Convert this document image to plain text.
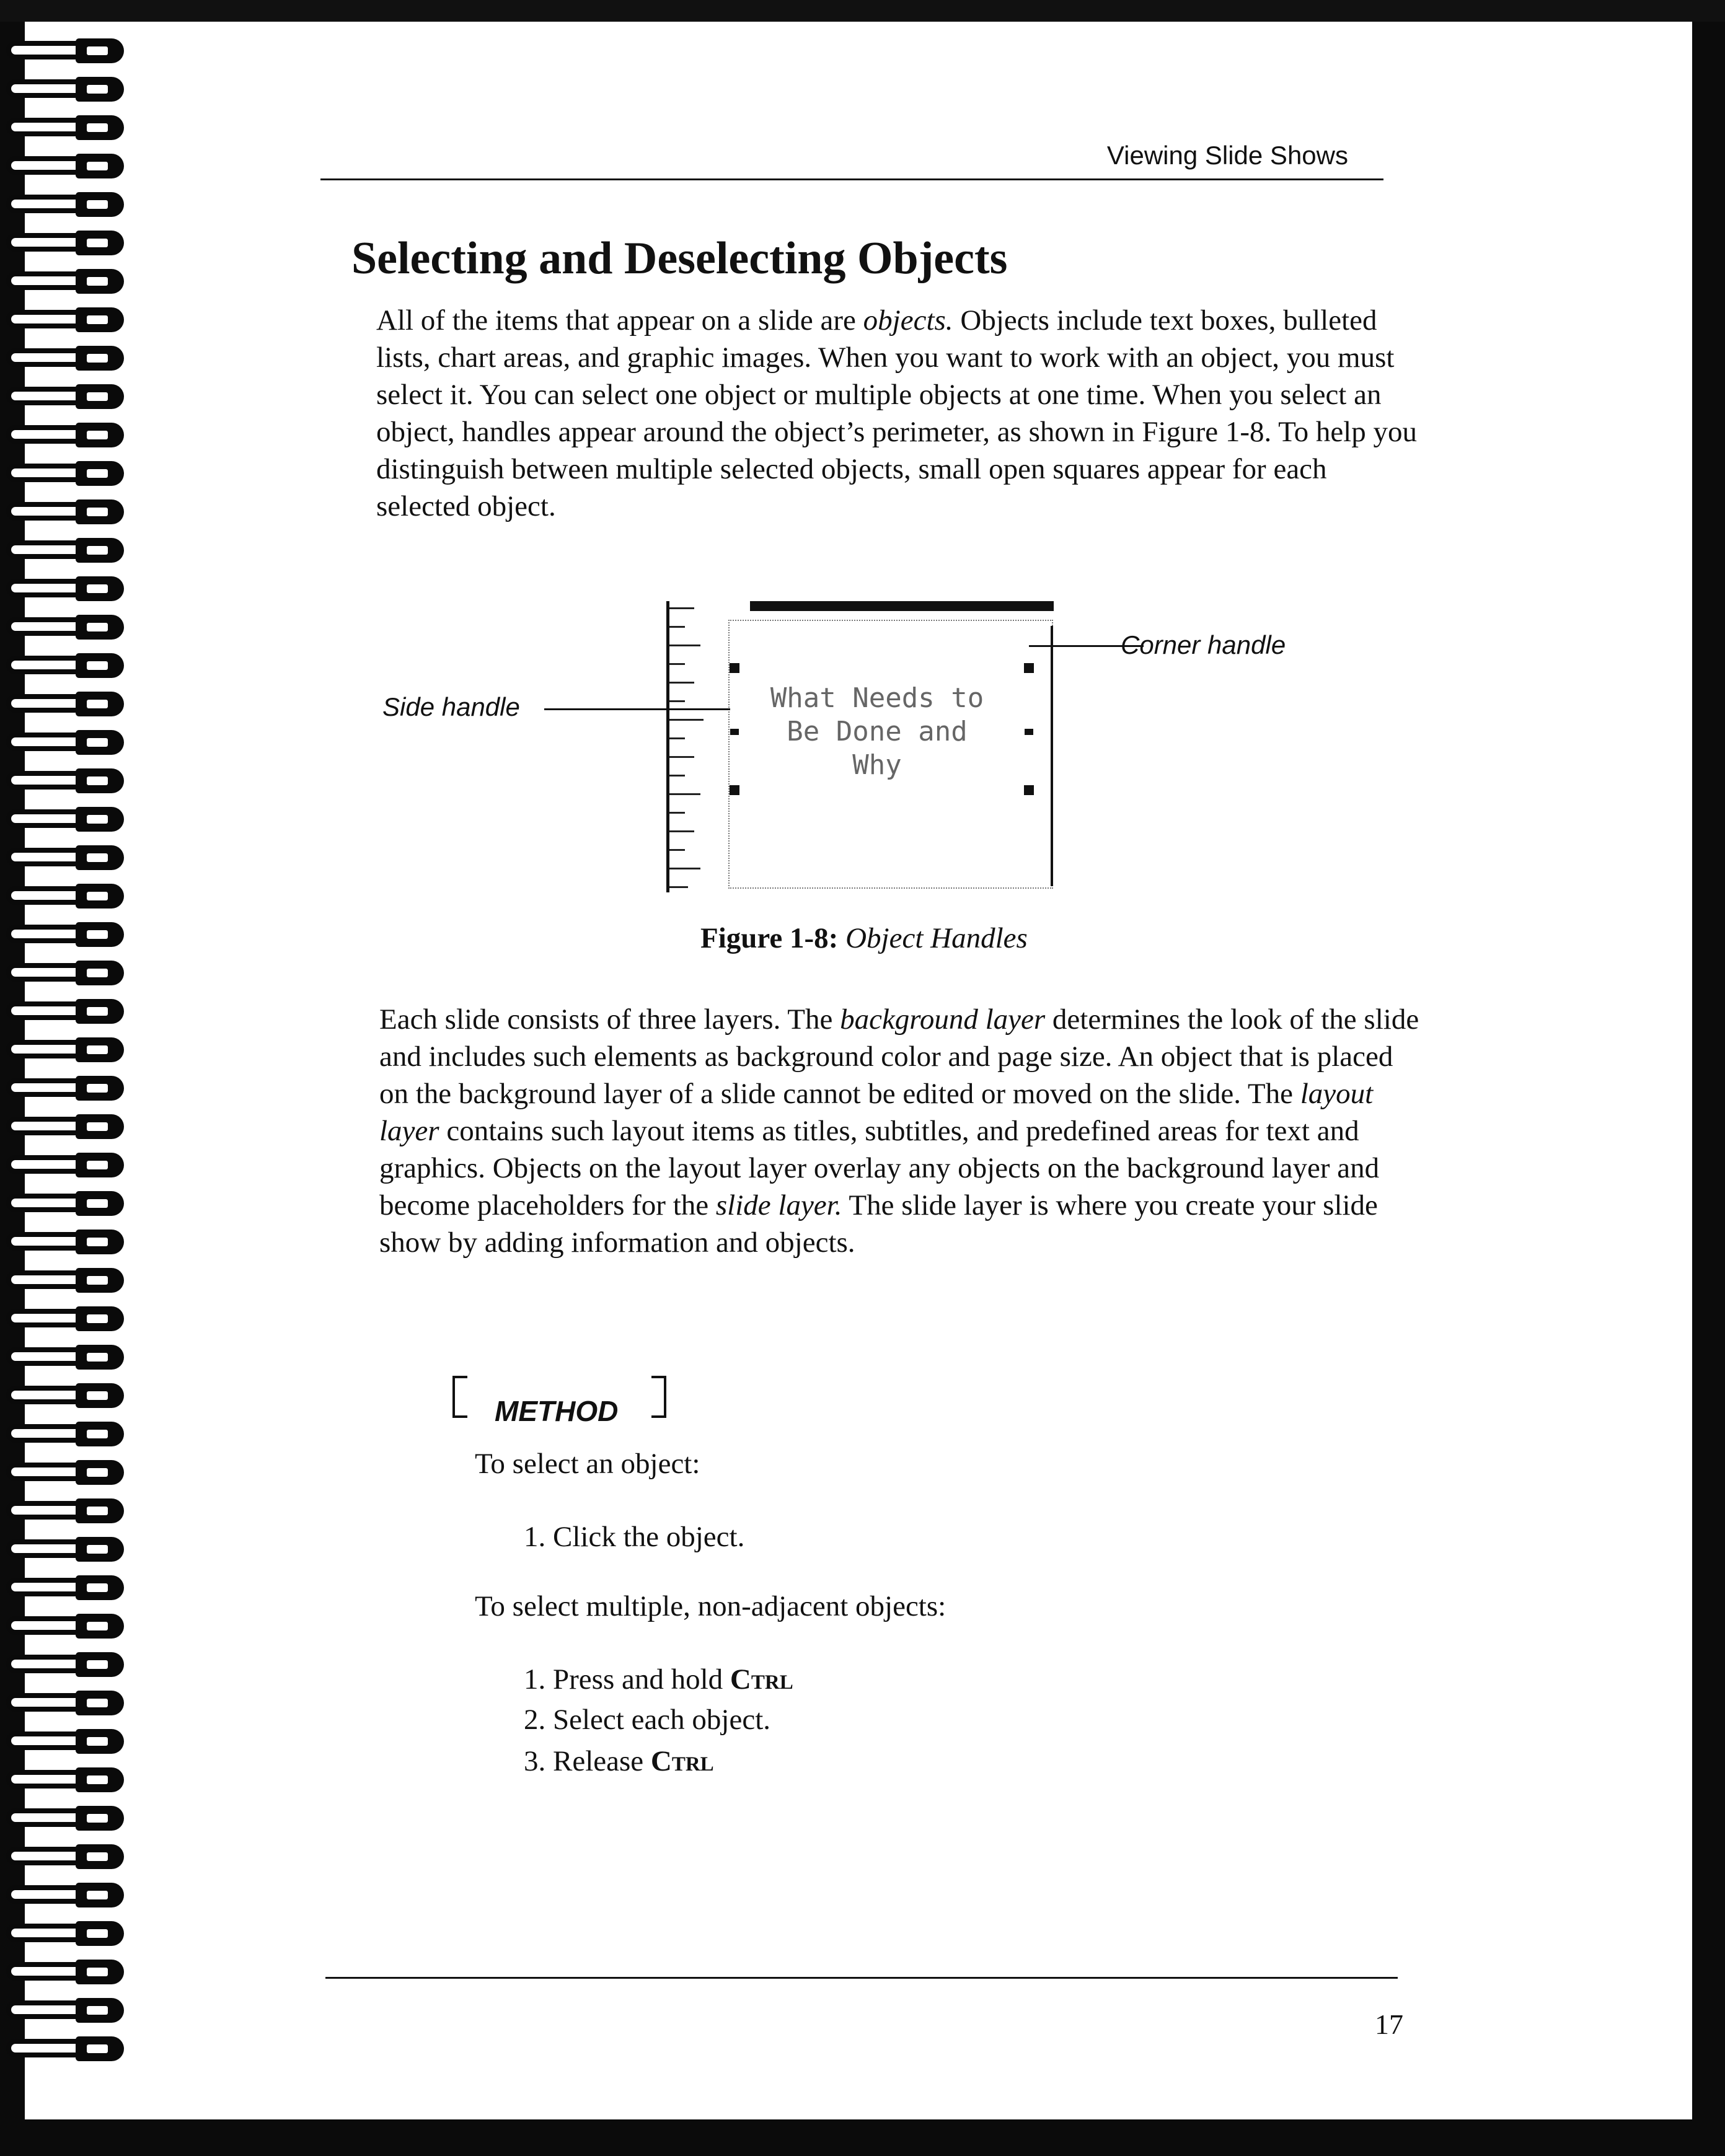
Viewing Slide Shows
Selecting and Deselecting Objects
All of the items that appear on a slide are objects. Objects include text boxes, bulleted lists, chart areas, and graphic images. When you want to work with an object, you must select it. You can select one object or multiple objects at one time. When you select an object, handles appear around the object’s perimeter, as shown in Figure 1-8. To help you distinguish between multiple selected objects, small open squares appear for each selected object.
What Needs to
Be Done and
Why
Corner handle
Side handle
Figure 1-8: Object Handles
Each slide consists of three layers. The background layer determines the look of the slide and includes such elements as background color and page size. An object that is placed on the background layer of a slide cannot be edited or moved on the slide. The layout layer contains such layout items as titles, subtitles, and predefined areas for text and graphics. Objects on the layout layer overlay any objects on the background layer and become placeholders for the slide layer. The slide layer is where you create your slide show by adding information and objects.
METHOD
To select an object:
1. Click the object.
To select multiple, non-adjacent objects:
1. Press and hold Ctrl
2. Select each object.
3. Release Ctrl
17
